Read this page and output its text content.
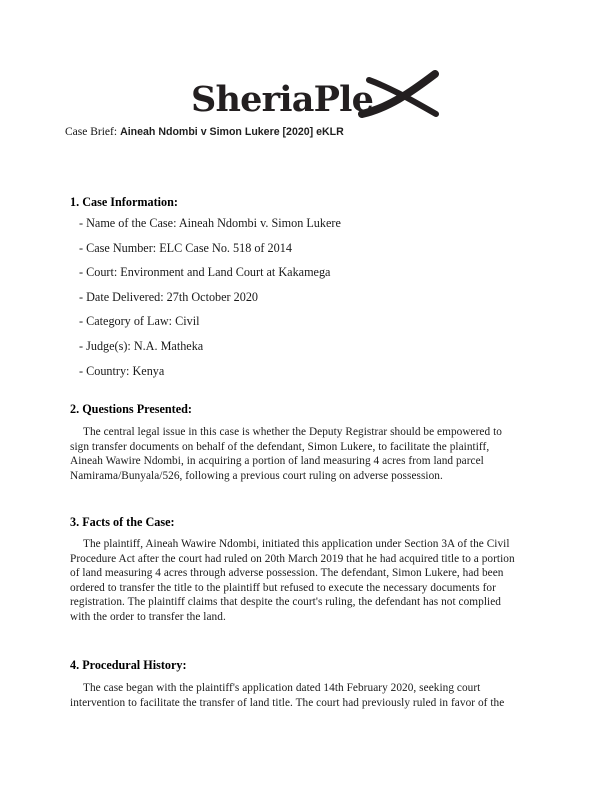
SheriaPle
Case Brief: Aineah Ndombi v Simon Lukere [2020] eKLR
1. Case Information:
- Name of the Case: Aineah Ndombi v. Simon Lukere
- Case Number: ELC Case No. 518 of 2014
- Court: Environment and Land Court at Kakamega
- Date Delivered: 27th October 2020
- Category of Law: Civil
- Judge(s): N.A. Matheka
- Country: Kenya
2. Questions Presented:
The central legal issue in this case is whether the Deputy Registrar should be empowered to
sign transfer documents on behalf of the defendant, Simon Lukere, to facilitate the plaintiff,
Aineah Wawire Ndombi, in acquiring a portion of land measuring 4 acres from land parcel
Namirama/Bunyala/526, following a previous court ruling on adverse possession.
3. Facts of the Case:
The plaintiff, Aineah Wawire Ndombi, initiated this application under Section 3A of the Civil
Procedure Act after the court had ruled on 20th March 2019 that he had acquired title to a portion
of land measuring 4 acres through adverse possession. The defendant, Simon Lukere, had been
ordered to transfer the title to the plaintiff but refused to execute the necessary documents for
registration. The plaintiff claims that despite the court's ruling, the defendant has not complied
with the order to transfer the land.
4. Procedural History:
The case began with the plaintiff's application dated 14th February 2020, seeking court
intervention to facilitate the transfer of land title. The court had previously ruled in favor of the
